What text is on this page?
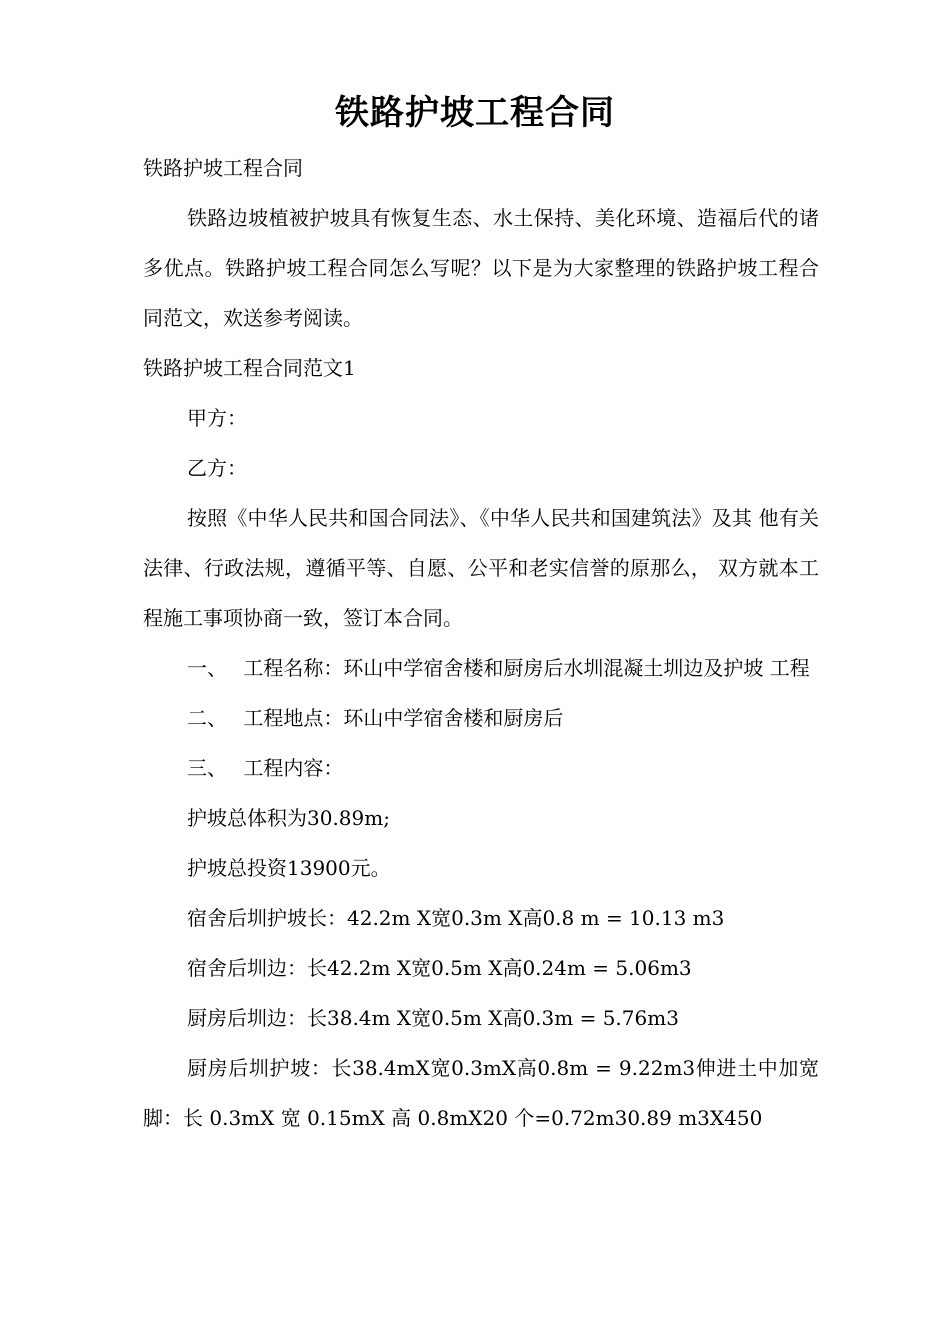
铁路护坡工程合同

铁路护坡工程合同

铁路边坡植被护坡具有恢复生态、水土保持、美化环境、造福后代的诸多优点。铁路护坡工程合同怎么写呢？以下是为大家整理的铁路护坡工程合同范文，欢送参考阅读。

铁路护坡工程合同范文1

甲方：

乙方：

按照《中华人民共和国合同法》、《中华人民共和国建筑法》及其 他有关法律、行政法规，遵循平等、自愿、公平和老实信誉的原那么， 双方就本工程施工事项协商一致，签订本合同。

一、　 工程名称：环山中学宿舍楼和厨房后水圳混凝土圳边及护坡 工程

二、　 工程地点：环山中学宿舍楼和厨房后

三、　 工程内容：

护坡总体积为30.89m;

护坡总投资13900元。

宿舍后圳护坡长：42.2m X宽0.3m X高0.8 m = 10.13 m3

宿舍后圳边：长42.2m X宽0.5m X高0.24m = 5.06m3

厨房后圳边：长38.4m X宽0.5m X高0.3m = 5.76m3

厨房后圳护坡：长38.4mX宽0.3mX高0.8m = 9.22m3伸进土中加宽脚：长 0.3mX 宽 0.15mX 高 0.8mX20 个=0.72m30.89 m3X450
